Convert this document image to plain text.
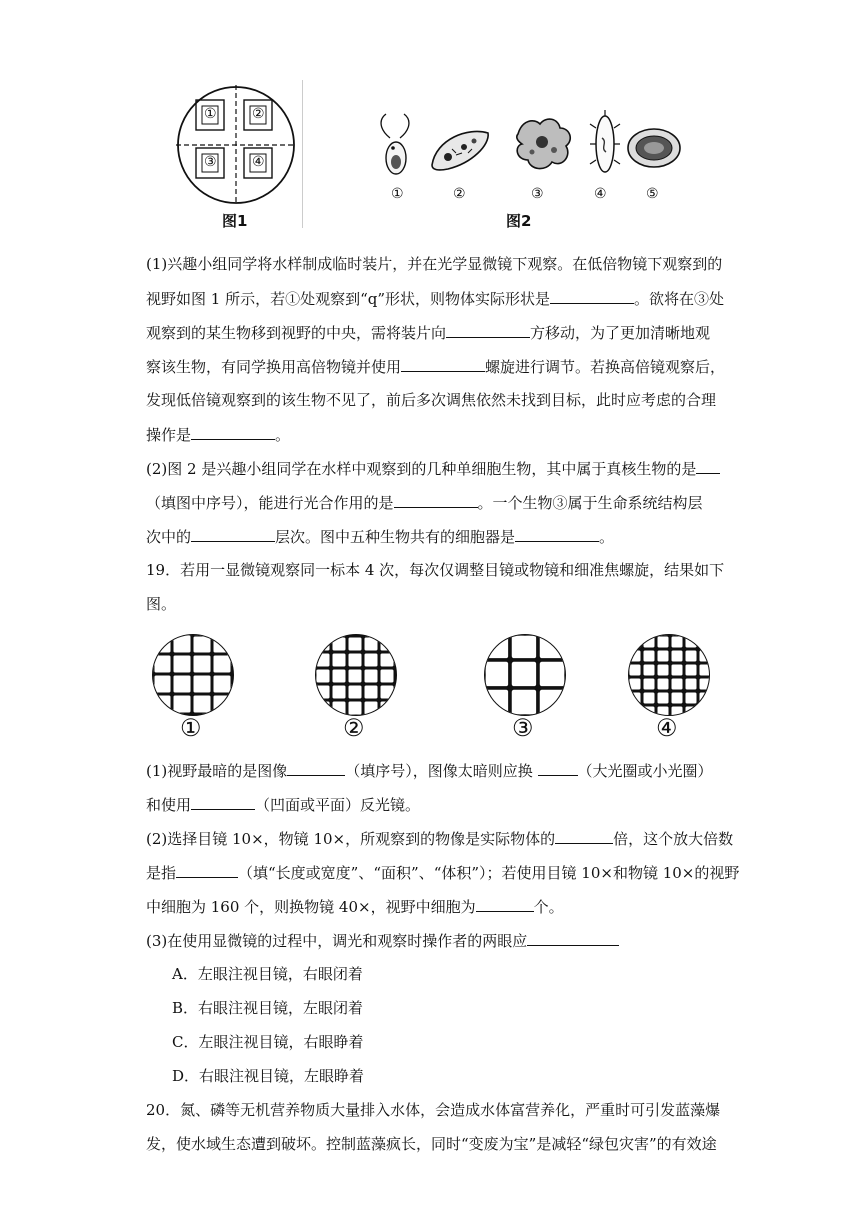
①	②
③	④
图1
①	②	③	④	⑤
图2
(1)兴趣小组同学将水样制成临时装片，并在光学显微镜下观察。在低倍物镜下观察到的
视野如图 1 所示，若①处观察到“q”形状，则物体实际形状是	。欲将在③处
观察到的某生物移到视野的中央，需将装片向	方移动，为了更加清晰地观
察该生物，有同学换用高倍物镜并使用	螺旋进行调节。若换高倍镜观察后，
发现低倍镜观察到的该生物不见了，前后多次调焦依然未找到目标，此时应考虑的合理
操作是	。
(2)图 2 是兴趣小组同学在水样中观察到的几种单细胞生物，其中属于真核生物的是
（填图中序号），能进行光合作用的是	。一个生物③属于生命系统结构层
次中的	层次。图中五种生物共有的细胞器是	。
19．若用一显微镜观察同一标本 4 次，每次仅调整目镜或物镜和细准焦螺旋，结果如下
图。
①	②	③	④
(1)视野最暗的是图像	（填序号），图像太暗则应换	（大光圈或小光圈）
和使用	（凹面或平面）反光镜。
(2)选择目镜 10×，物镜 10×，所观察到的物像是实际物体的	倍，这个放大倍数
是指	（填“长度或宽度”、“面积”、“体积”）；若使用目镜 10×和物镜 10×的视野
中细胞为 160 个，则换物镜 40×，视野中细胞为	个。
(3)在使用显微镜的过程中，调光和观察时操作者的两眼应
A．左眼注视目镜，右眼闭着
B．右眼注视目镜，左眼闭着
C．左眼注视目镜，右眼睁着
D．右眼注视目镜，左眼睁着
20．氮、磷等无机营养物质大量排入水体，会造成水体富营养化，严重时可引发蓝藻爆
发，使水域生态遭到破坏。控制蓝藻疯长，同时“变废为宝”是减轻“绿包灾害”的有效途
